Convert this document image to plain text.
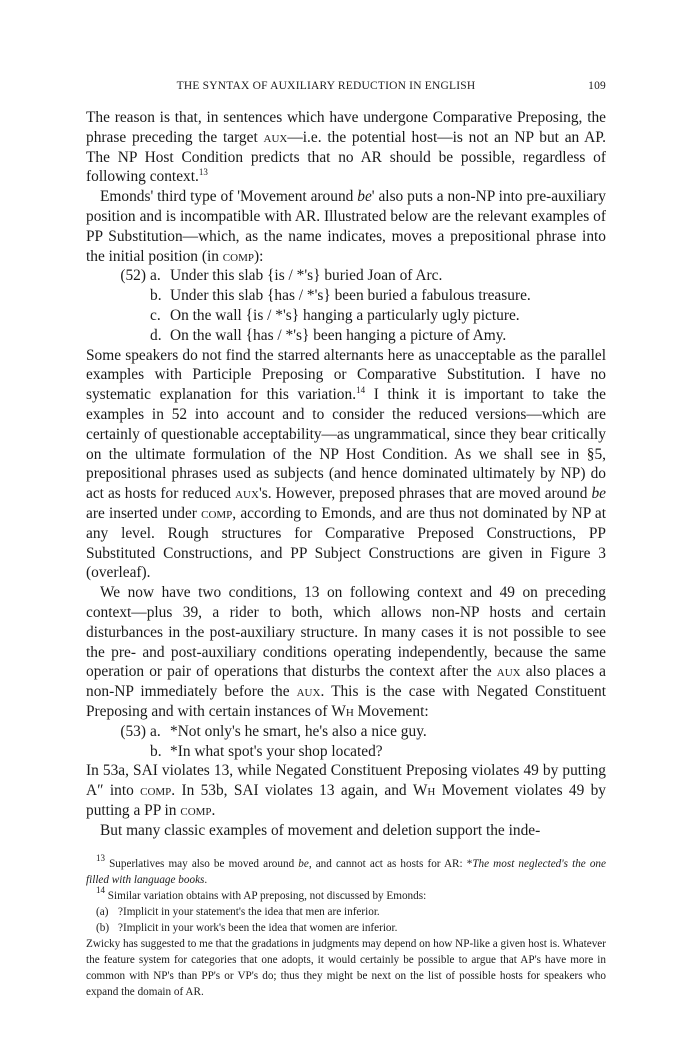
THE SYNTAX OF AUXILIARY REDUCTION IN ENGLISH	109

The reason is that, in sentences which have undergone Comparative Preposing, the phrase preceding the target aux—i.e. the potential host—is not an NP but an AP. The NP Host Condition predicts that no AR should be possible, regardless of following context.$^{13}$

Emonds' third type of 'Movement around be' also puts a non-NP into pre-auxiliary position and is incompatible with AR. Illustrated below are the relevant examples of PP Substitution—which, as the name indicates, moves a prepositional phrase into the initial position (in comp):

(52) a. Under this slab {is / *'s} buried Joan of Arc.
b. Under this slab {has / *'s} been buried a fabulous treasure.
c. On the wall {is / *'s} hanging a particularly ugly picture.
d. On the wall {has / *'s} been hanging a picture of Amy.

Some speakers do not find the starred alternants here as unacceptable as the parallel examples with Participle Preposing or Comparative Substitution. I have no systematic explanation for this variation.$^{14}$ I think it is important to take the examples in 52 into account and to consider the reduced versions—which are certainly of questionable acceptability—as ungrammatical, since they bear critically on the ultimate formulation of the NP Host Condition. As we shall see in §5, prepositional phrases used as subjects (and hence dominated ultimately by NP) do act as hosts for reduced aux's. However, preposed phrases that are moved around be are inserted under comp, according to Emonds, and are thus not dominated by NP at any level. Rough structures for Comparative Preposed Constructions, PP Substituted Constructions, and PP Subject Constructions are given in Figure 3 (overleaf).

We now have two conditions, 13 on following context and 49 on preceding context—plus 39, a rider to both, which allows non-NP hosts and certain disturbances in the post-auxiliary structure. In many cases it is not possible to see the pre- and post-auxiliary conditions operating independently, because the same operation or pair of operations that disturbs the context after the aux also places a non-NP immediately before the aux. This is the case with Negated Constituent Preposing and with certain instances of Wh Movement:

(53) a. *Not only's he smart, he's also a nice guy.
b. *In what spot's your shop located?

In 53a, SAI violates 13, while Negated Constituent Preposing violates 49 by putting A″ into comp. In 53b, SAI violates 13 again, and Wh Movement violates 49 by putting a PP in comp.

But many classic examples of movement and deletion support the inde-

$^{13}$ Superlatives may also be moved around be, and cannot act as hosts for AR: *The most neglected's the one filled with language books.

$^{14}$ Similar variation obtains with AP preposing, not discussed by Emonds:

(a) ?Implicit in your statement's the idea that men are inferior.
(b) ?Implicit in your work's been the idea that women are inferior.

Zwicky has suggested to me that the gradations in judgments may depend on how NP-like a given host is. Whatever the feature system for categories that one adopts, it would certainly be possible to argue that AP's have more in common with NP's than PP's or VP's do; thus they might be next on the list of possible hosts for speakers who expand the domain of AR.
